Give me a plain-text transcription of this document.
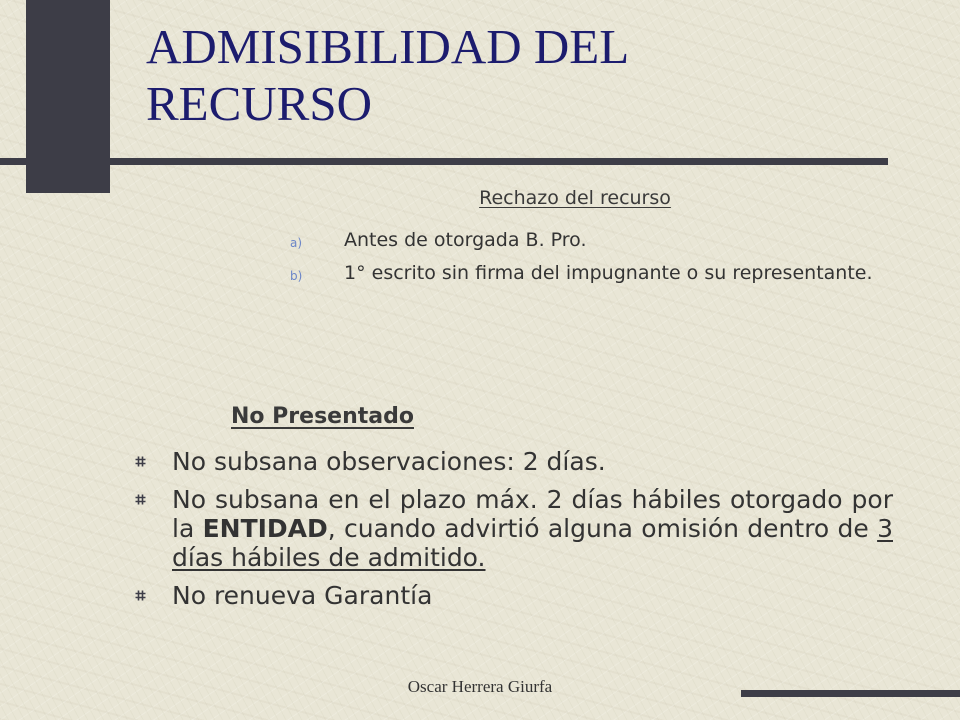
ADMISIBILIDAD DEL
RECURSO
Rechazo del recurso
a) Antes de otorgada B. Pro.
b) 1° escrito sin firma del impugnante o su representante.
No Presentado
No subsana observaciones: 2 días.
No subsana en el plazo máx. 2 días hábiles otorgado por la ENTIDAD, cuando advirtió alguna omisión dentro de 3 días hábiles de admitido.
No renueva Garantía
Oscar Herrera Giurfa
